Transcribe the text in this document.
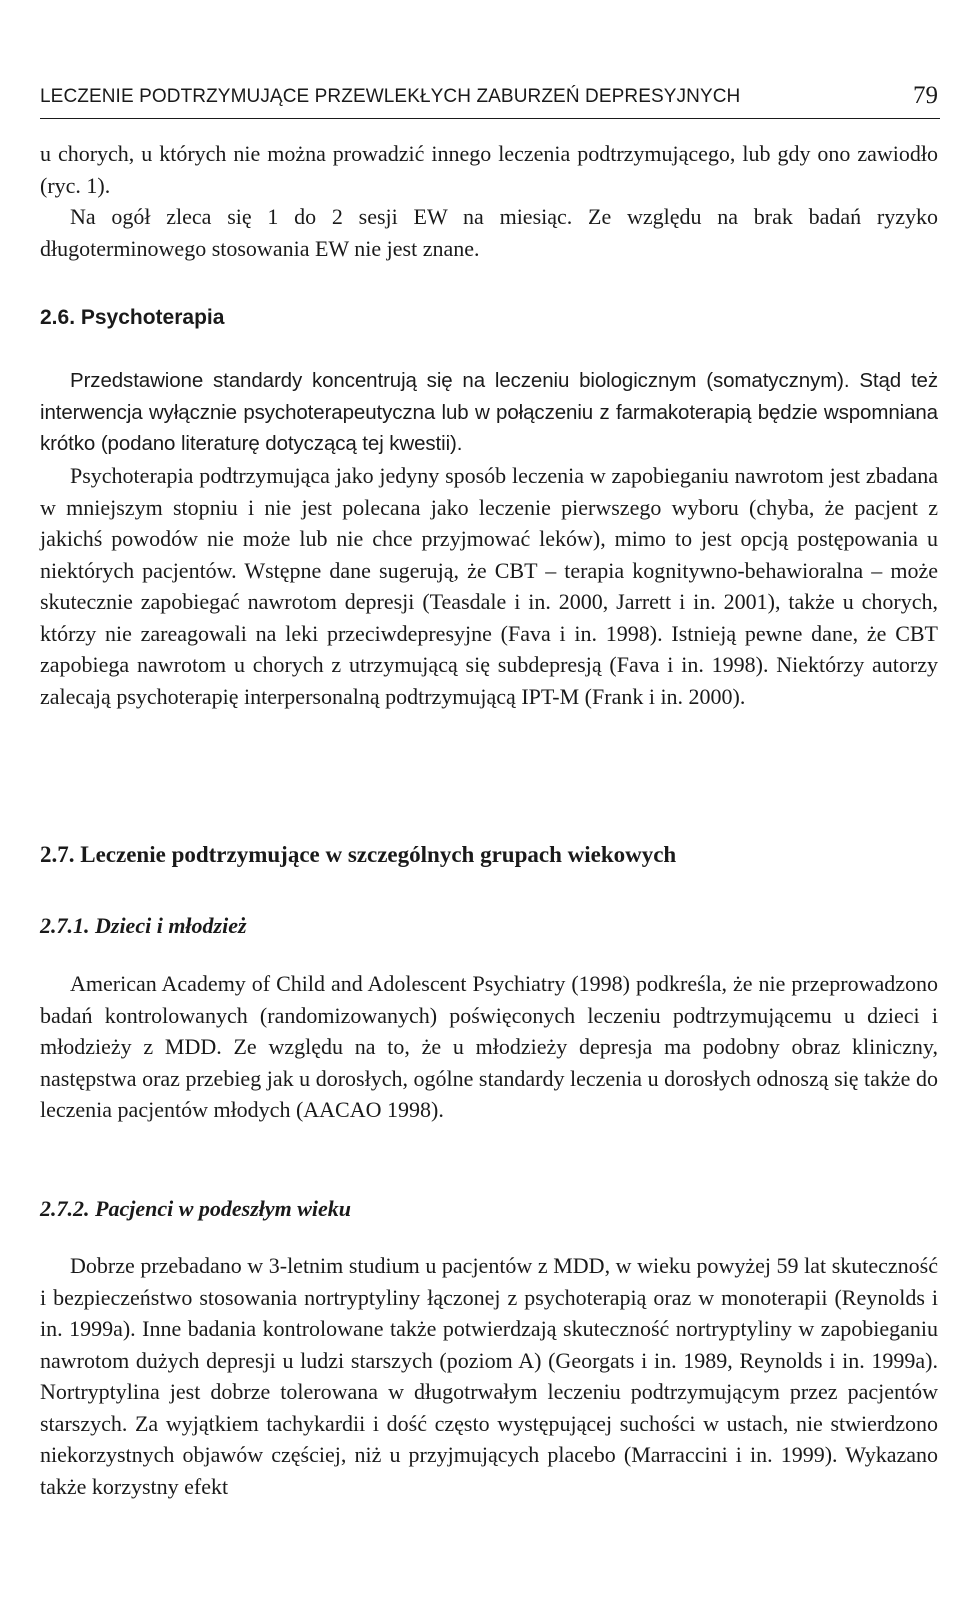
LECZENIE PODTRZYMUJĄCE PRZEWLEKŁYCH ZABURZEŃ DEPRESYJNYCH	79

u chorych, u których nie można prowadzić innego leczenia podtrzymującego, lub gdy ono zawiodło (ryc. 1).

Na ogół zleca się 1 do 2 sesji EW na miesiąc. Ze względu na brak badań ryzyko długoterminowego stosowania EW nie jest znane.

2.6. Psychoterapia

Przedstawione standardy koncentrują się na leczeniu biologicznym (somatycznym). Stąd też interwencja wyłącznie psychoterapeutyczna lub w połączeniu z farmakoterapią będzie wspomniana krótko (podano literaturę dotyczącą tej kwestii).

Psychoterapia podtrzymująca jako jedyny sposób leczenia w zapobieganiu nawrotom jest zbadana w mniejszym stopniu i nie jest polecana jako leczenie pierwszego wyboru (chyba, że pacjent z jakichś powodów nie może lub nie chce przyjmować leków), mimo to jest opcją postępowania u niektórych pacjentów. Wstępne dane sugerują, że CBT – terapia kognitywno-behawioralna – może skutecznie zapobiegać nawrotom depresji (Teasdale i in. 2000, Jarrett i in. 2001), także u chorych, którzy nie zareagowali na leki przeciwdepresyjne (Fava i in. 1998). Istnieją pewne dane, że CBT zapobiega nawrotom u chorych z utrzymującą się subdepresją (Fava i in. 1998). Niektórzy autorzy zalecają psychoterapię interpersonalną podtrzymującą IPT-M (Frank i in. 2000).

2.7. Leczenie podtrzymujące w szczególnych grupach wiekowych
2.7.1. Dzieci i młodzież

American Academy of Child and Adolescent Psychiatry (1998) podkreśla, że nie przeprowadzono badań kontrolowanych (randomizowanych) poświęconych leczeniu podtrzymującemu u dzieci i młodzieży z MDD. Ze względu na to, że u młodzieży depresja ma podobny obraz kliniczny, następstwa oraz przebieg jak u dorosłych, ogólne standardy leczenia u dorosłych odnoszą się także do leczenia pacjentów młodych (AACAO 1998).

2.7.2. Pacjenci w podeszłym wieku

Dobrze przebadano w 3-letnim studium u pacjentów z MDD, w wieku powyżej 59 lat skuteczność i bezpieczeństwo stosowania nortryptyliny łączonej z psychoterapią oraz w monoterapii (Reynolds i in. 1999a). Inne badania kontrolowane także potwierdzają skuteczność nortryptyliny w zapobieganiu nawrotom dużych depresji u ludzi starszych (poziom A) (Georgats i in. 1989, Reynolds i in. 1999a). Nortryptylina jest dobrze tolerowana w długotrwałym leczeniu podtrzymującym przez pacjentów starszych. Za wyjątkiem tachykardii i dość często występującej suchości w ustach, nie stwierdzono niekorzystnych objawów częściej, niż u przyjmujących placebo (Marraccini i in. 1999). Wykazano także korzystny efekt
